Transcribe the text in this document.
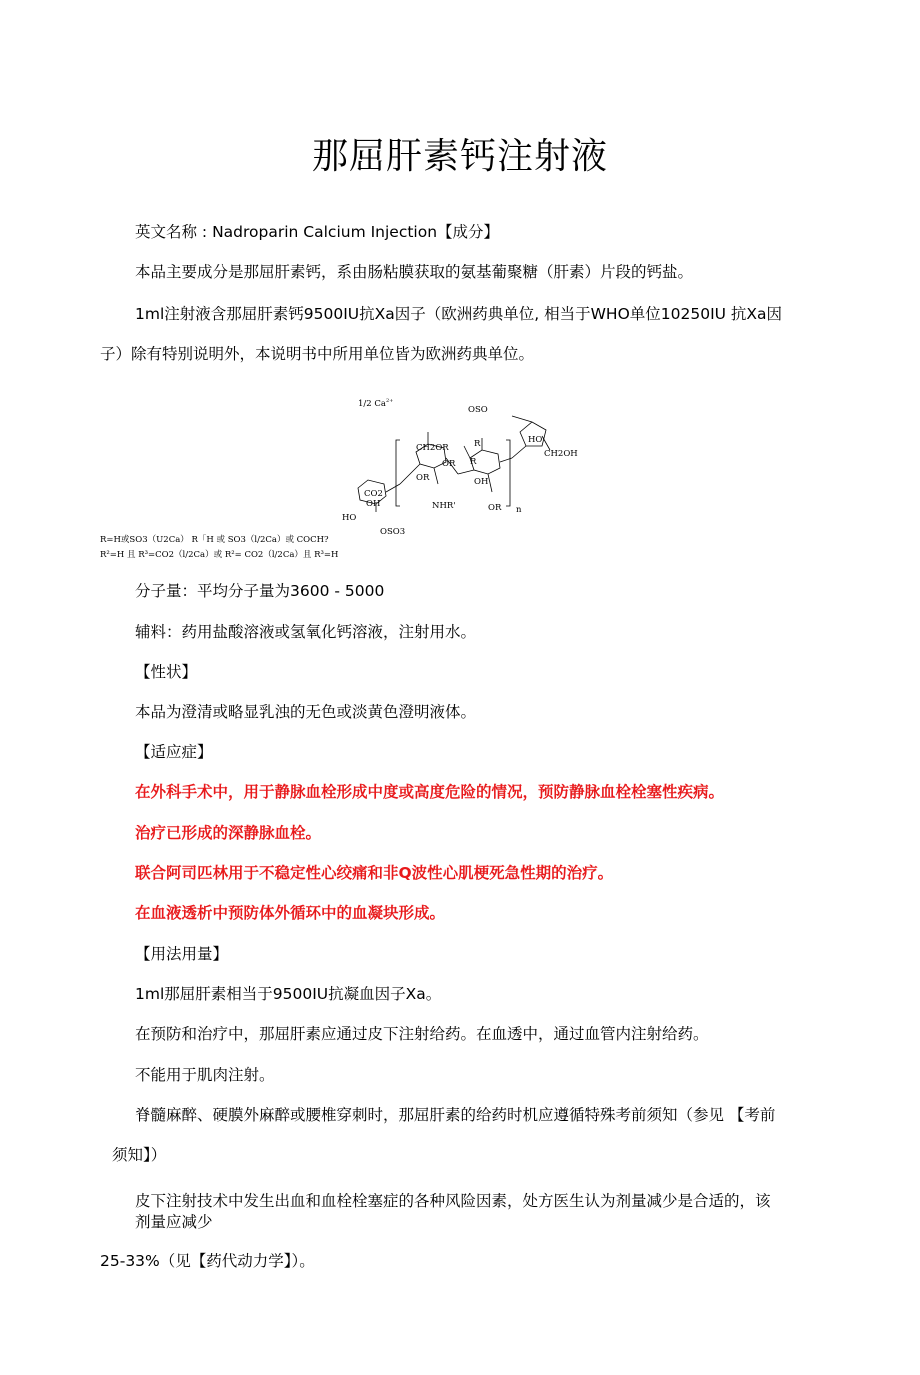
那屈肝素钙注射液
英文名称 : Nadroparin Calcium Injection【成分】
本品主要成分是那屈肝素钙，系由肠粘膜获取的氨基葡聚糖（肝素）片段的钙盐。
1ml注射液含那屈肝素钙9500IU抗Xa因子（欧洲药典单位, 相当于WHO单位10250IU 抗Xa因
子）除有特别说明外，本说明书中所用单位皆为欧洲药典单位。
1/2 $Ca^{2+}$
OSO
HO
CH2OH
CH2OR	R
R
OR
OR
OH
CO2
OH	NHR'
HO
OR n
OSO3
R=H或SO3（U2Ca） R「H 或 SO3（l/2Ca）或 COCH?
R²=H 且 R³=CO2（l/2Ca）或 R²= CO2（l/2Ca）且 R³=H
分子量：平均分子量为3600 - 5000
辅料：药用盐酸溶液或氢氧化钙溶液，注射用水。
【性状】
本品为澄清或略显乳浊的无色或淡黄色澄明液体。
【适应症】
在外科手术中，用于静脉血栓形成中度或高度危险的情况，预防静脉血栓栓塞性疾病。
治疗已形成的深静脉血栓。
联合阿司匹林用于不稳定性心绞痛和非Q波性心肌梗死急性期的治疗。
在血液透析中预防体外循环中的血凝块形成。
【用法用量】
1ml那屈肝素相当于9500IU抗凝血因子Xa。
在预防和治疗中，那屈肝素应通过皮下注射给药。在血透中，通过血管内注射给药。
不能用于肌肉注射。
脊髓麻醉、硬膜外麻醉或腰椎穿刺时，那屈肝素的给药时机应遵循特殊考前须知（参见 【考前
须知】）
皮下注射技术中发生出血和血栓栓塞症的各种风险因素，处方医生认为剂量减少是合适的，该
剂量应减少
25-33%（见【药代动力学】）。
